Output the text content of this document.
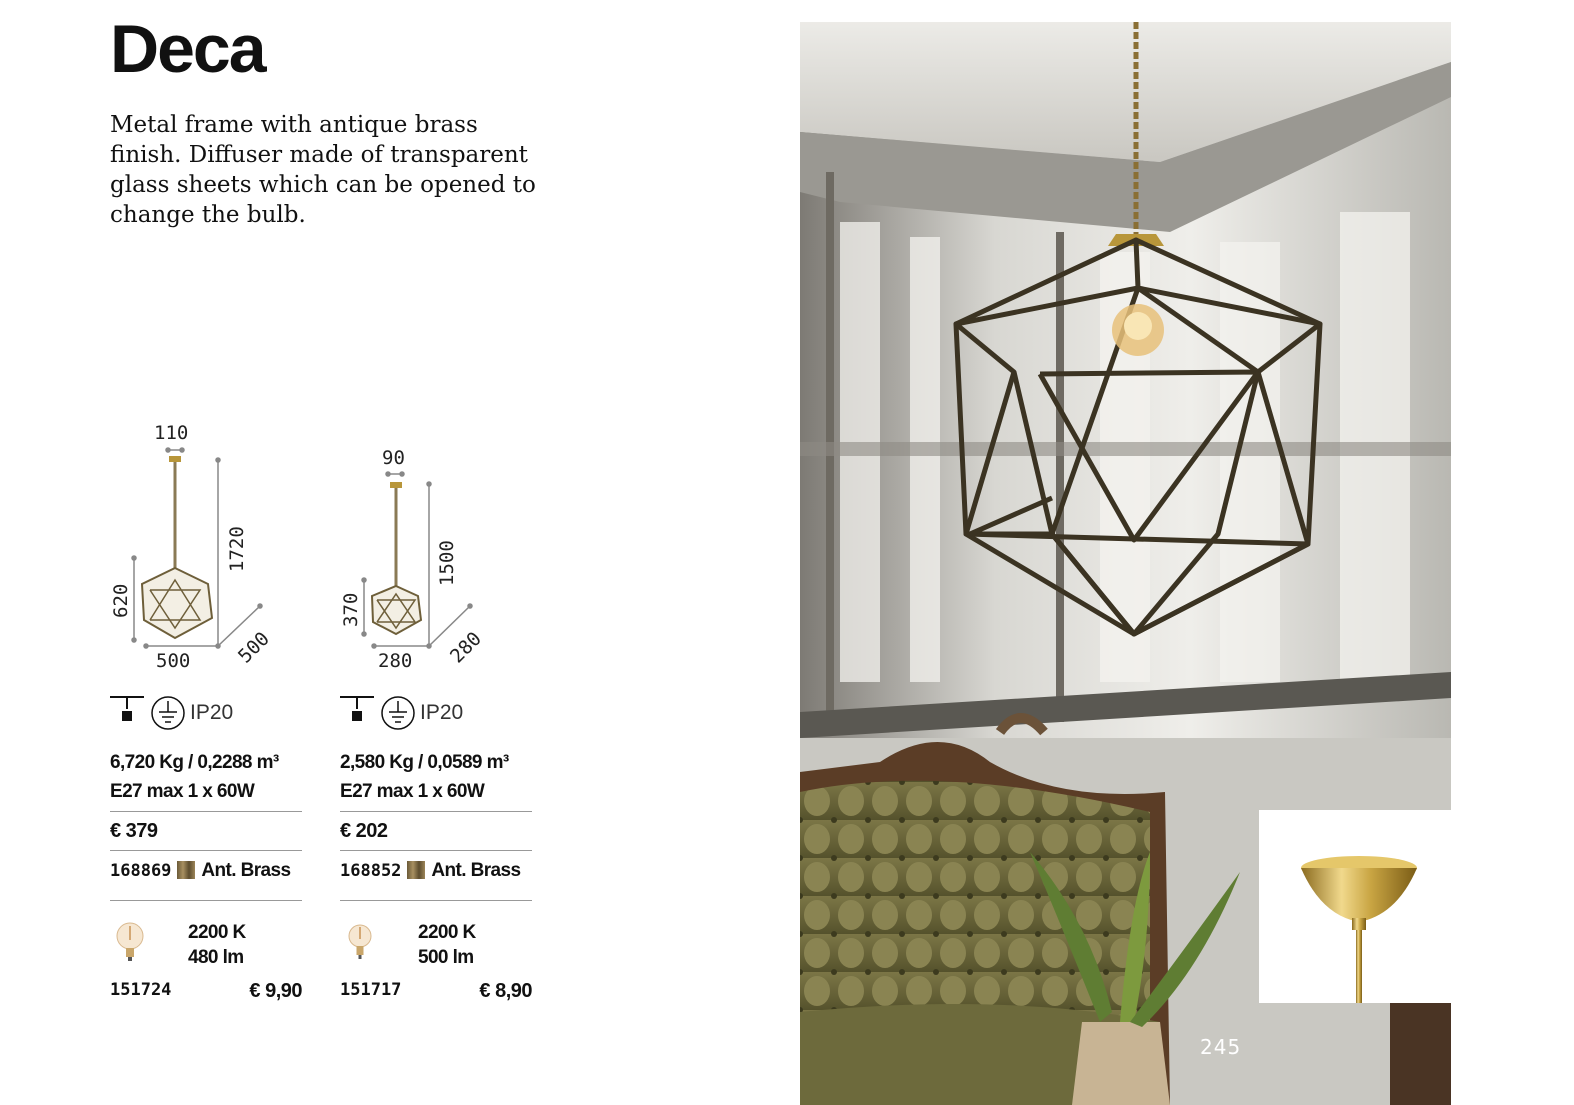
Deca

Metal frame with antique brass finish. Diffuser made of transparent glass sheets which can be opened to change the bulb.

110
1720
620
500 500
IP20
6,720 Kg / 0,2288 m³
E27 max 1 x 60W
€ 379
168869 Ant. Brass
2200 K
480 lm
151724	€ 9,90
90
1500
370
280 280
IP20
2,580 Kg / 0,0589 m³
E27 max 1 x 60W
€ 202
168852 Ant. Brass
2200 K
500 lm
151717	€ 8,90
245
